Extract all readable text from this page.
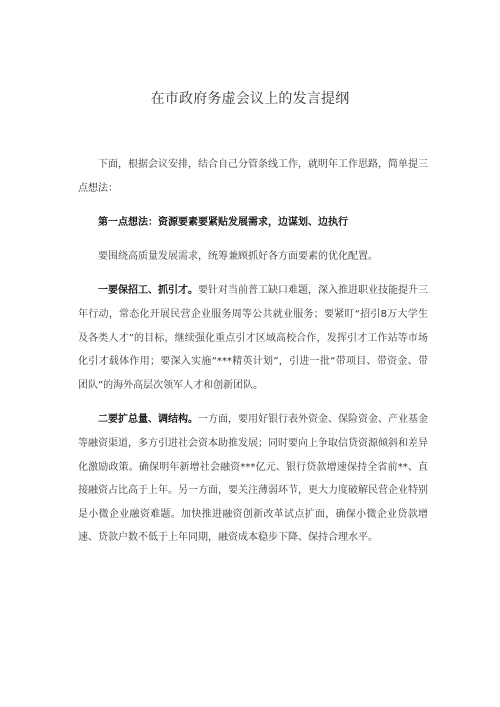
在市政府务虚会议上的发言提纲

下面，根据会议安排，结合自己分管条线工作，就明年工作思路，简单提三点想法：

第一点想法：资源要素要紧贴发展需求，边谋划、边执行

要围绕高质量发展需求，统筹兼顾抓好各方面要素的优化配置。

一要保招工、抓引才。要针对当前普工缺口难题，深入推进职业技能提升三年行动，常态化开展民营企业服务周等公共就业服务；要紧盯“招引8万大学生及各类人才”的目标，继续强化重点引才区域高校合作，发挥引才工作站等市场化引才载体作用；要深入实施“***精英计划”，引进一批“带项目、带资金、带团队”的海外高层次领军人才和创新团队。

二要扩总量、调结构。一方面，要用好银行表外资金、保险资金、产业基金等融资渠道，多方引进社会资本助推发展；同时要向上争取信贷资源倾斜和差异化激励政策。确保明年新增社会融资***亿元、银行贷款增速保持全省前**、直接融资占比高于上年。另一方面，要关注薄弱环节，更大力度破解民营企业特别是小微企业融资难题。加快推进融资创新改革试点扩面，确保小微企业贷款增速、贷款户数不低于上年同期，融资成本稳步下降、保持合理水平。
